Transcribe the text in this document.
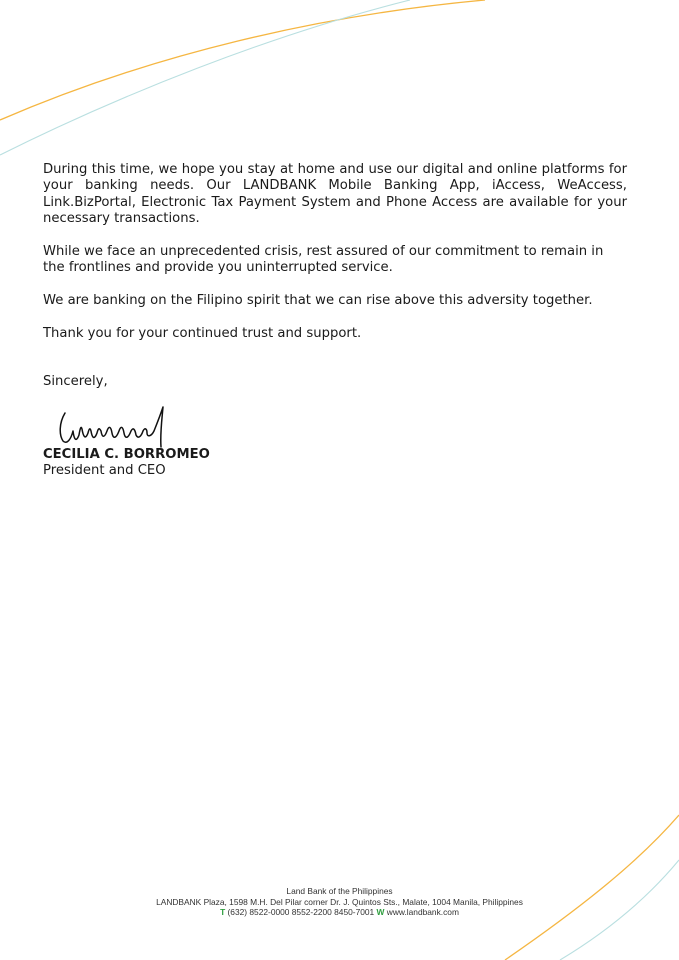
During this time, we hope you stay at home and use our digital and online platforms for your banking needs. Our LANDBANK Mobile Banking App, iAccess, WeAccess, Link.BizPortal, Electronic Tax Payment System and Phone Access are available for your necessary transactions.

While we face an unprecedented crisis, rest assured of our commitment to remain in the frontlines and provide you uninterrupted service.

We are banking on the Filipino spirit that we can rise above this adversity together.

Thank you for your continued trust and support.

Sincerely,

CECILIA C. BORROMEO

President and CEO

Land Bank of the Philippines

LANDBANK Plaza, 1598 M.H. Del Pilar corner Dr. J. Quintos Sts., Malate, 1004 Manila, Philippines

T (632) 8522-0000 8552-2200 8450-7001 W www.landbank.com
